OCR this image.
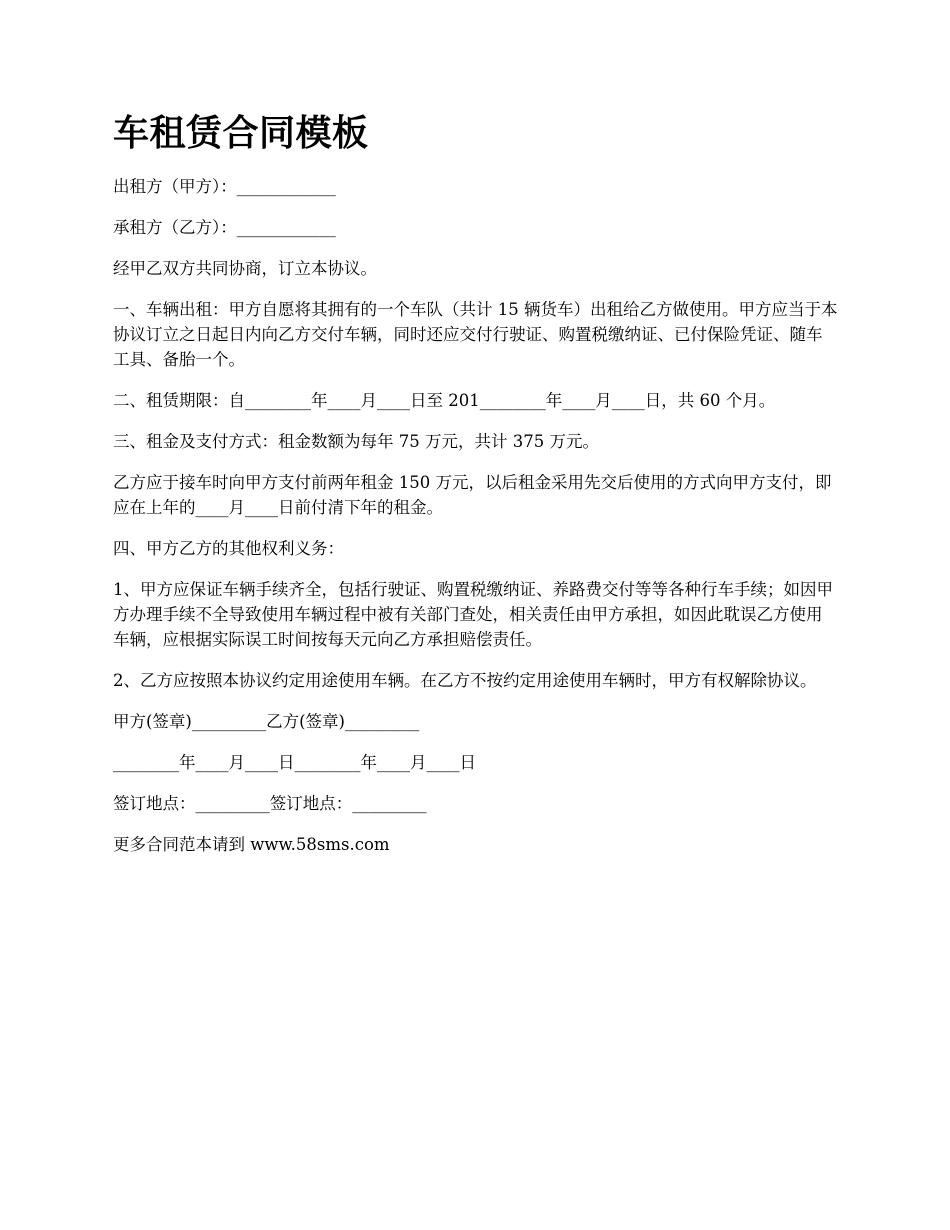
车租赁合同模板

出租方（甲方）：____________

承租方（乙方）：____________

经甲乙双方共同协商，订立本协议。

一、车辆出租：甲方自愿将其拥有的一个车队（共计 15 辆货车）出租给乙方做使用。甲方应当于本协议订立之日起日内向乙方交付车辆，同时还应交付行驶证、购置税缴纳证、已付保险凭证、随车工具、备胎一个。

二、租赁期限：自________年____月____日至 201________年____月____日，共 60 个月。

三、租金及支付方式：租金数额为每年 75 万元，共计 375 万元。

乙方应于接车时向甲方支付前两年租金 150 万元，以后租金采用先交后使用的方式向甲方支付，即应在上年的____月____日前付清下年的租金。

四、甲方乙方的其他权利义务：

1、甲方应保证车辆手续齐全，包括行驶证、购置税缴纳证、养路费交付等等各种行车手续；如因甲方办理手续不全导致使用车辆过程中被有关部门查处，相关责任由甲方承担，如因此耽误乙方使用车辆，应根据实际误工时间按每天元向乙方承担赔偿责任。

2、乙方应按照本协议约定用途使用车辆。在乙方不按约定用途使用车辆时，甲方有权解除协议。

甲方(签章)_________乙方(签章)_________

________年____月____日________年____月____日

签订地点：_________签订地点：_________

更多合同范本请到 www.58sms.com
